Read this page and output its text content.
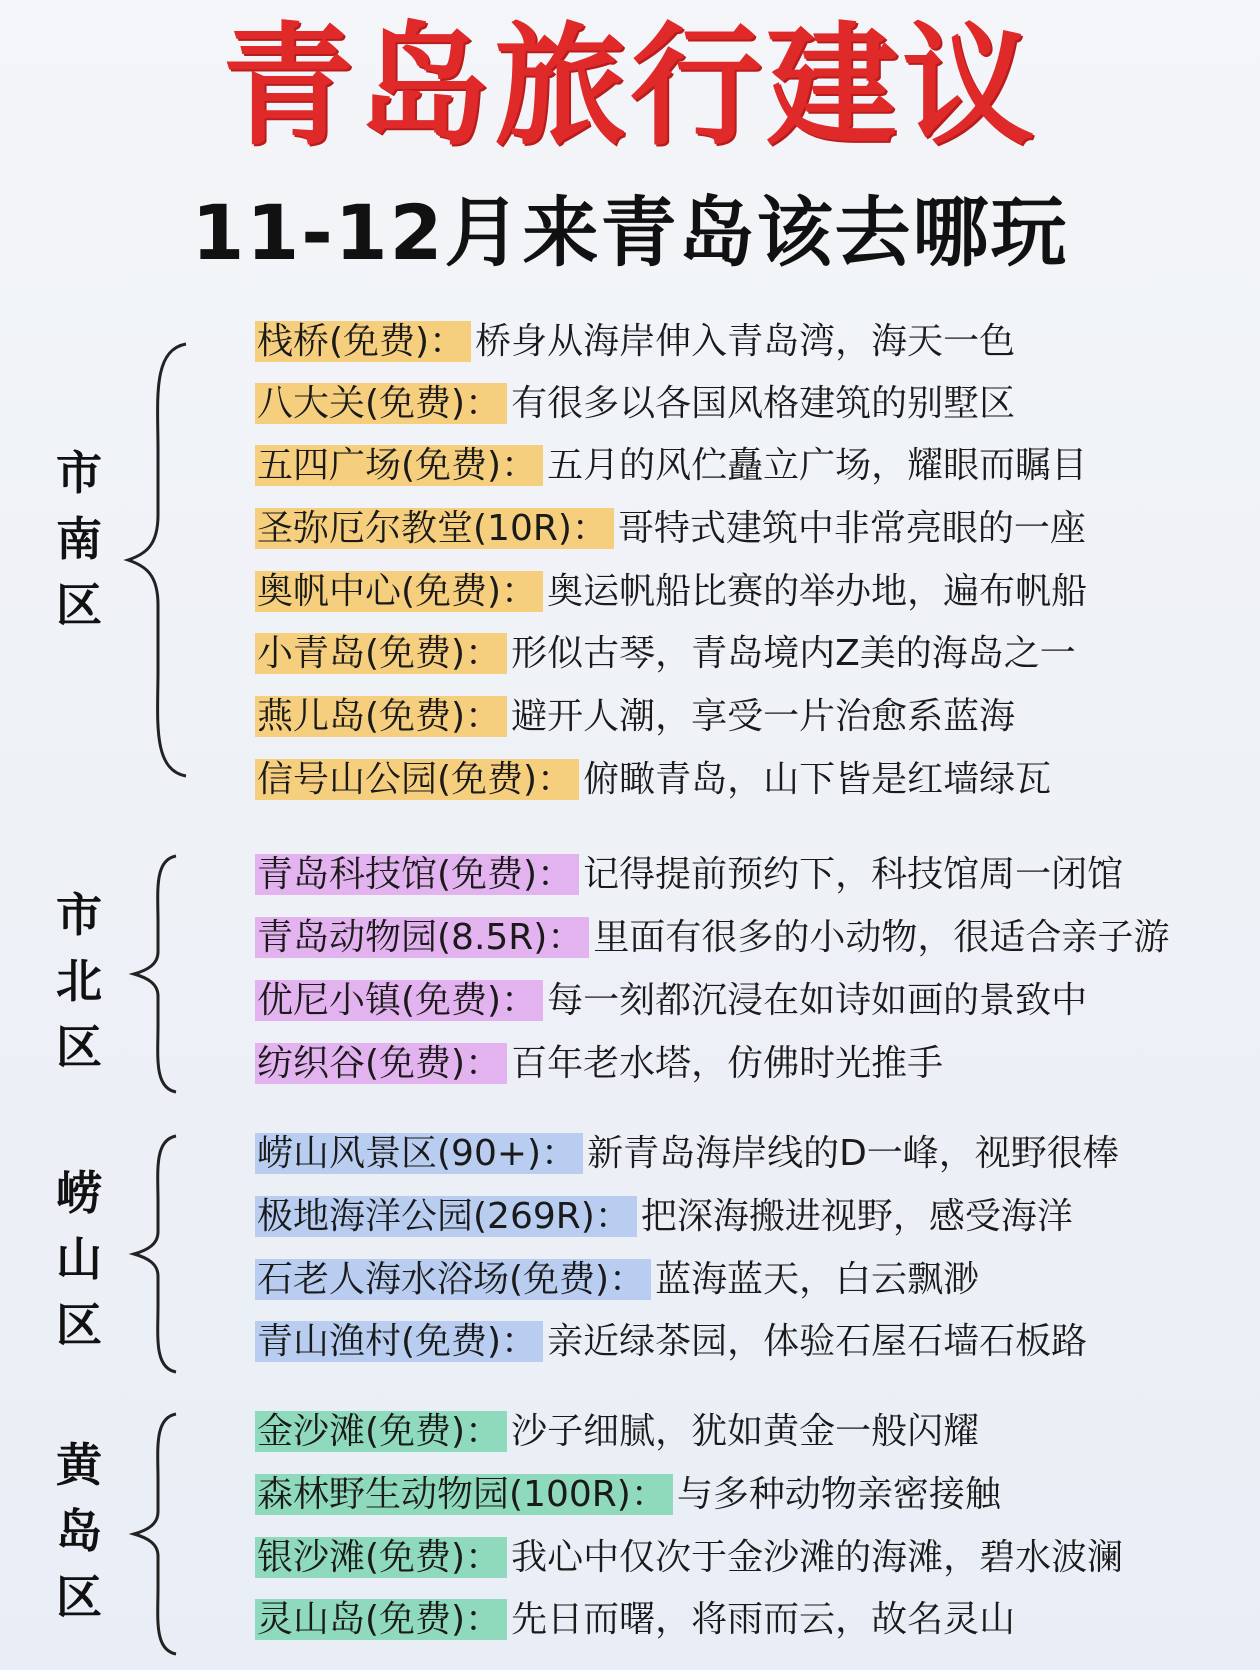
青岛旅行建议
11-12月来青岛该去哪玩
市
南
区
栈桥(免费)： 桥身从海岸伸入青岛湾，海天一色
八大关(免费)： 有很多以各国风格建筑的别墅区
五四广场(免费)： 五月的风伫矗立广场，耀眼而瞩目
圣弥厄尔教堂(10R)： 哥特式建筑中非常亮眼的一座
奥帆中心(免费)： 奥运帆船比赛的举办地，遍布帆船
小青岛(免费)： 形似古琴，青岛境内Z美的海岛之一
燕儿岛(免费)： 避开人潮，享受一片治愈系蓝海
信号山公园(免费)： 俯瞰青岛，山下皆是红墙绿瓦
市
北
区
青岛科技馆(免费)： 记得提前预约下，科技馆周一闭馆
青岛动物园(8.5R)： 里面有很多的小动物，很适合亲子游
优尼小镇(免费)： 每一刻都沉浸在如诗如画的景致中
纺织谷(免费)： 百年老水塔，仿佛时光推手
崂
山
区
崂山风景区(90+)： 新青岛海岸线的D一峰，视野很棒
极地海洋公园(269R)： 把深海搬进视野，感受海洋
石老人海水浴场(免费)： 蓝海蓝天，白云飘渺
青山渔村(免费)： 亲近绿茶园，体验石屋石墙石板路
黄
岛
区
金沙滩(免费)： 沙子细腻，犹如黄金一般闪耀
森林野生动物园(100R)： 与多种动物亲密接触
银沙滩(免费)： 我心中仅次于金沙滩的海滩，碧水波澜
灵山岛(免费)： 先日而曙，将雨而云，故名灵山
